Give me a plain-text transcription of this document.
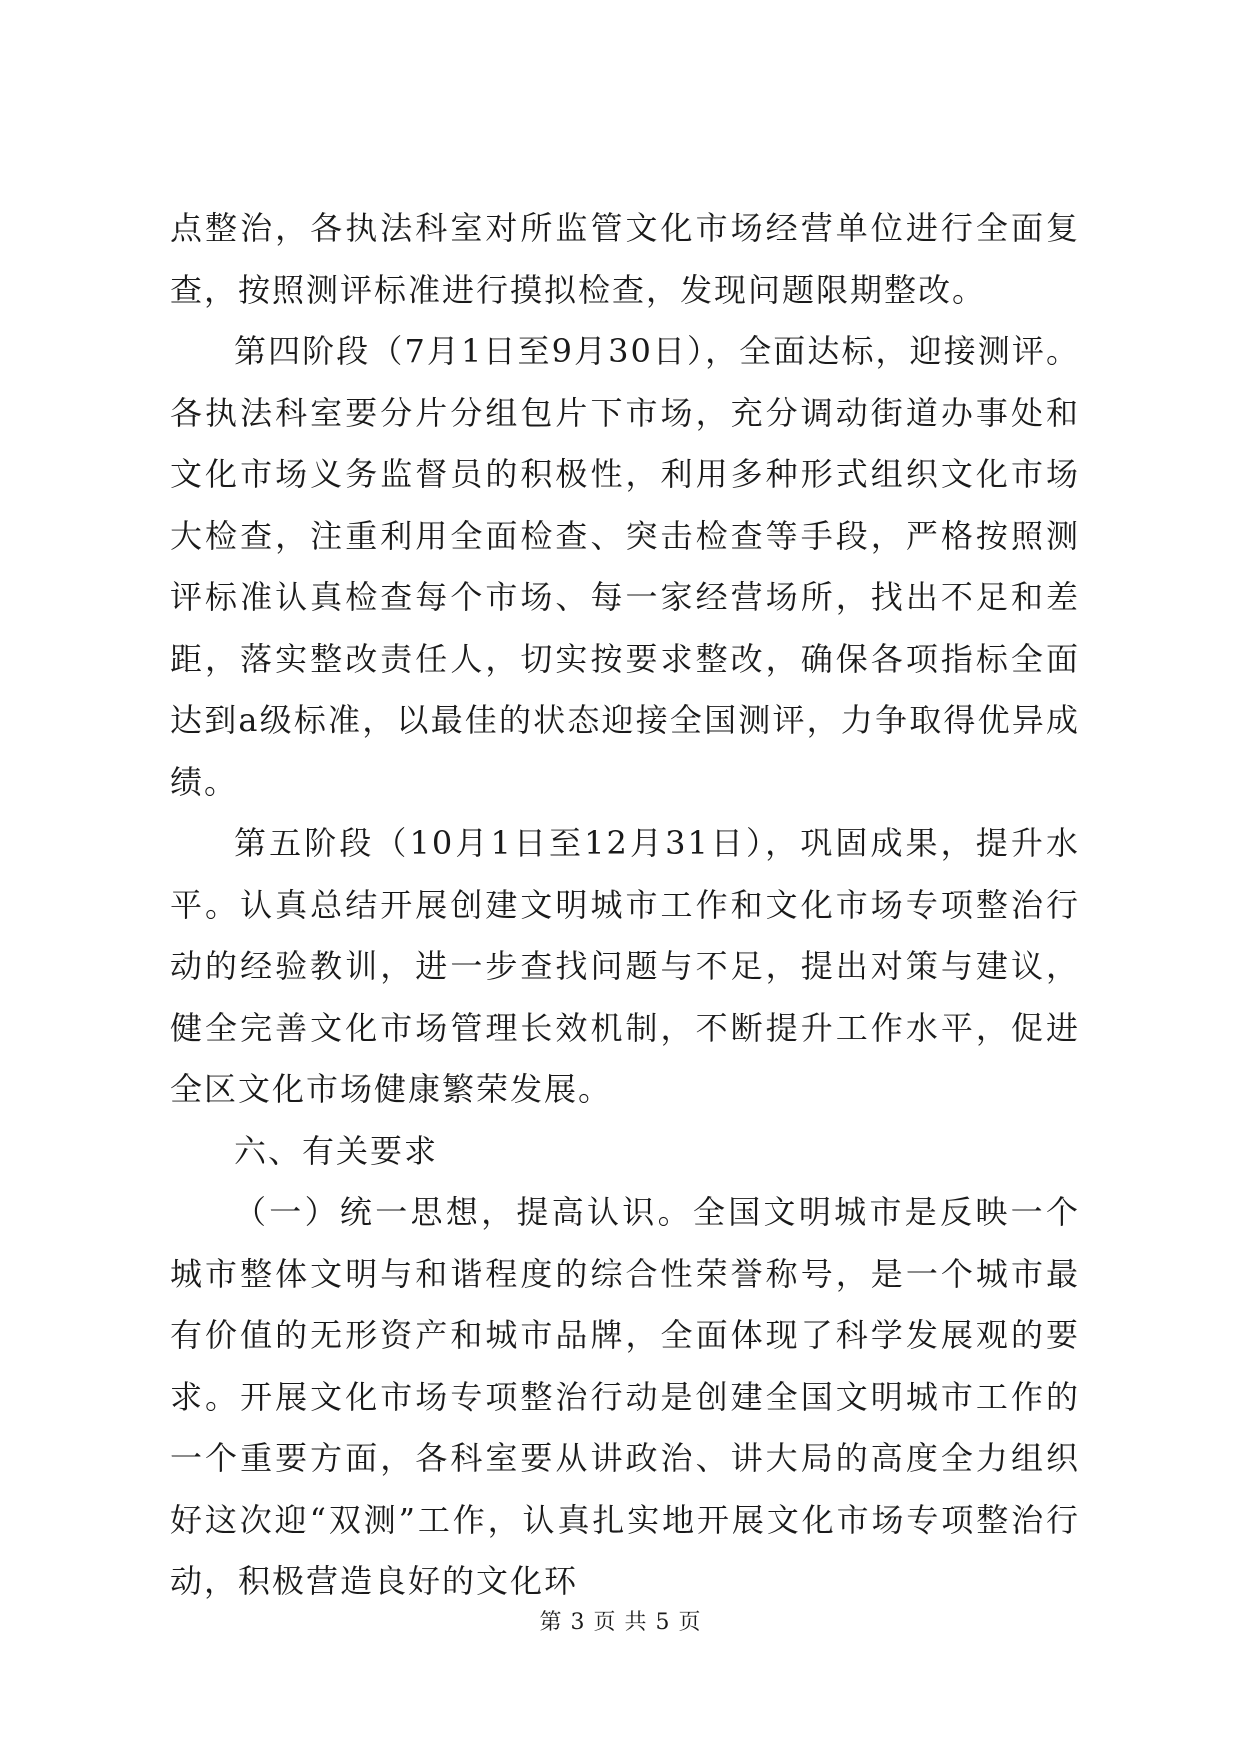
点整治，各执法科室对所监管文化市场经营单位进行全面复查，按照测评标准进行摸拟检查，发现问题限期整改。

第四阶段（7月1日至9月30日），全面达标，迎接测评。各执法科室要分片分组包片下市场，充分调动街道办事处和文化市场义务监督员的积极性，利用多种形式组织文化市场大检查，注重利用全面检查、突击检查等手段，严格按照测评标准认真检查每个市场、每一家经营场所，找出不足和差距，落实整改责任人，切实按要求整改，确保各项指标全面达到a级标准，以最佳的状态迎接全国测评，力争取得优异成绩。

第五阶段（10月1日至12月31日），巩固成果，提升水平。认真总结开展创建文明城市工作和文化市场专项整治行动的经验教训，进一步查找问题与不足，提出对策与建议，健全完善文化市场管理长效机制，不断提升工作水平，促进全区文化市场健康繁荣发展。

六、有关要求

（一）统一思想，提高认识。全国文明城市是反映一个城市整体文明与和谐程度的综合性荣誉称号，是一个城市最有价值的无形资产和城市品牌，全面体现了科学发展观的要求。开展文化市场专项整治行动是创建全国文明城市工作的一个重要方面，各科室要从讲政治、讲大局的高度全力组织好这次迎“双测”工作，认真扎实地开展文化市场专项整治行动，积极营造良好的文化环

第 3 页 共 5 页
